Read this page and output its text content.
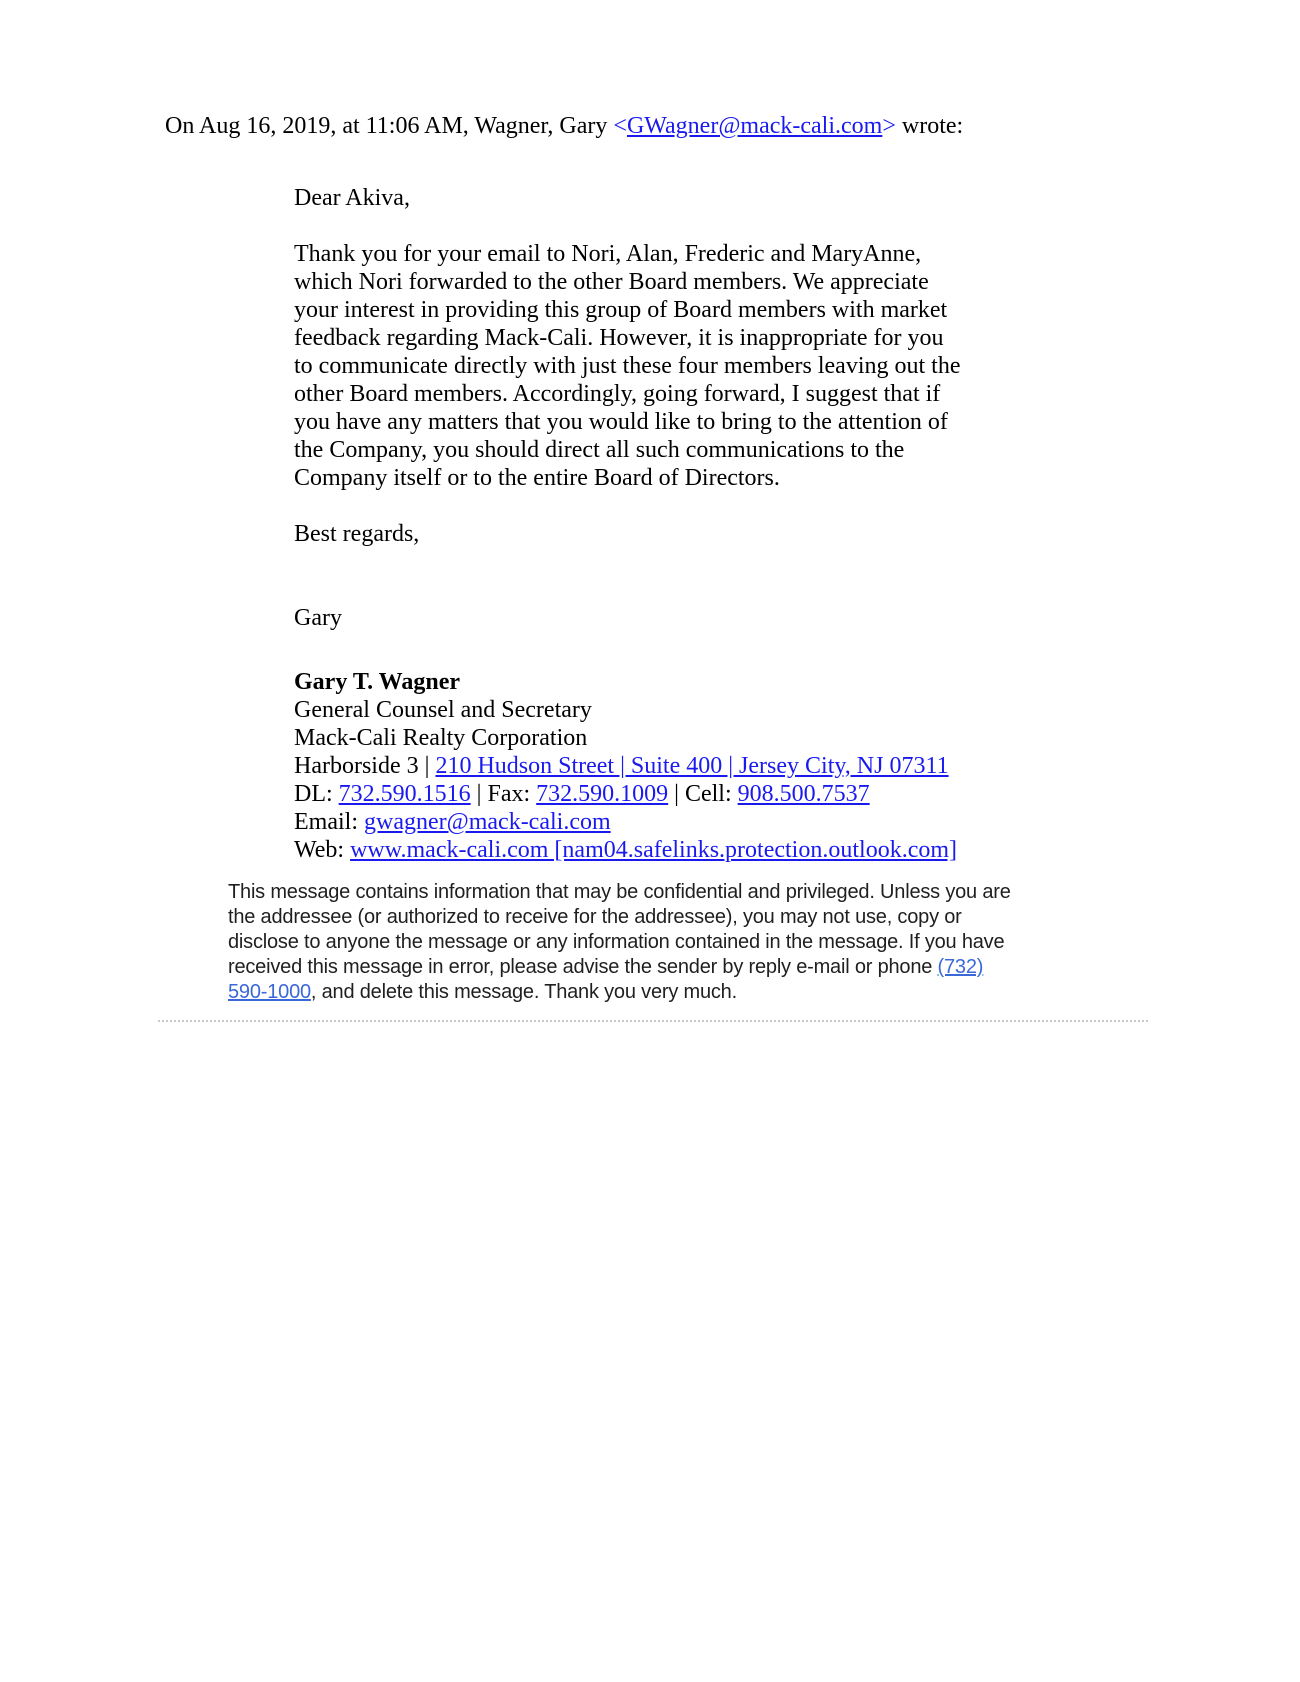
On Aug 16, 2019, at 11:06 AM, Wagner, Gary <GWagner@mack-cali.com> wrote:
Dear Akiva,
Thank you for your email to Nori, Alan, Frederic and MaryAnne,
which Nori forwarded to the other Board members. We appreciate
your interest in providing this group of Board members with market
feedback regarding Mack-Cali. However, it is inappropriate for you
to communicate directly with just these four members leaving out the
other Board members. Accordingly, going forward, I suggest that if
you have any matters that you would like to bring to the attention of
the Company, you should direct all such communications to the
Company itself or to the entire Board of Directors.
Best regards,
Gary
Gary T. Wagner
General Counsel and Secretary
Mack-Cali Realty Corporation
Harborside 3 | 210 Hudson Street | Suite 400 | Jersey City, NJ 07311
DL: 732.590.1516 | Fax: 732.590.1009 | Cell: 908.500.7537
Email: gwagner@mack-cali.com
Web: www.mack-cali.com [nam04.safelinks.protection.outlook.com]
This message contains information that may be confidential and privileged. Unless you are
the addressee (or authorized to receive for the addressee), you may not use, copy or
disclose to anyone the message or any information contained in the message. If you have
received this message in error, please advise the sender by reply e-mail or phone (732)
590-1000, and delete this message. Thank you very much.
